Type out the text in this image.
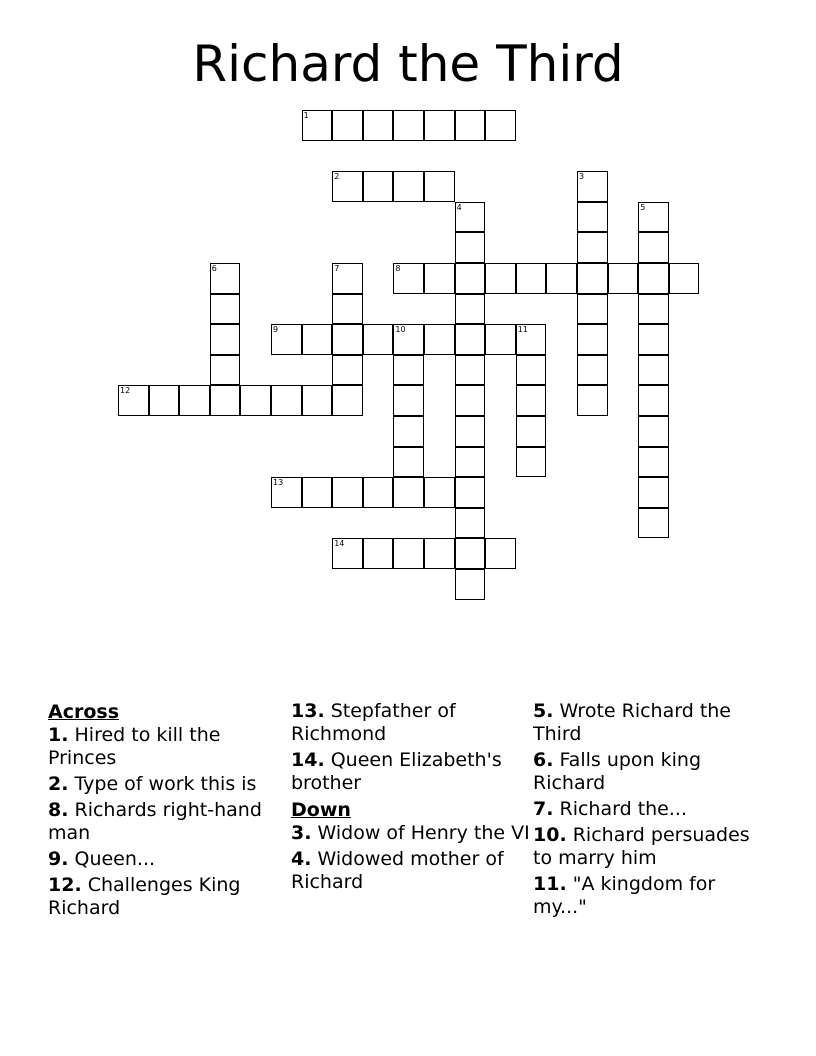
Richard the Third
1
2	3
4	5
6	7	8
9	10	11
12
13
14
Across
1. Hired to kill the Princes
2. Type of work this is
8. Richards right-hand man
9. Queen...
12. Challenges King Richard
13. Stepfather of Richmond
14. Queen Elizabeth's brother
Down
3. Widow of Henry the VI
4. Widowed mother of Richard
5. Wrote Richard the Third
6. Falls upon king Richard
7. Richard the...
10. Richard persuades to marry him
11. "A kingdom for my..."
